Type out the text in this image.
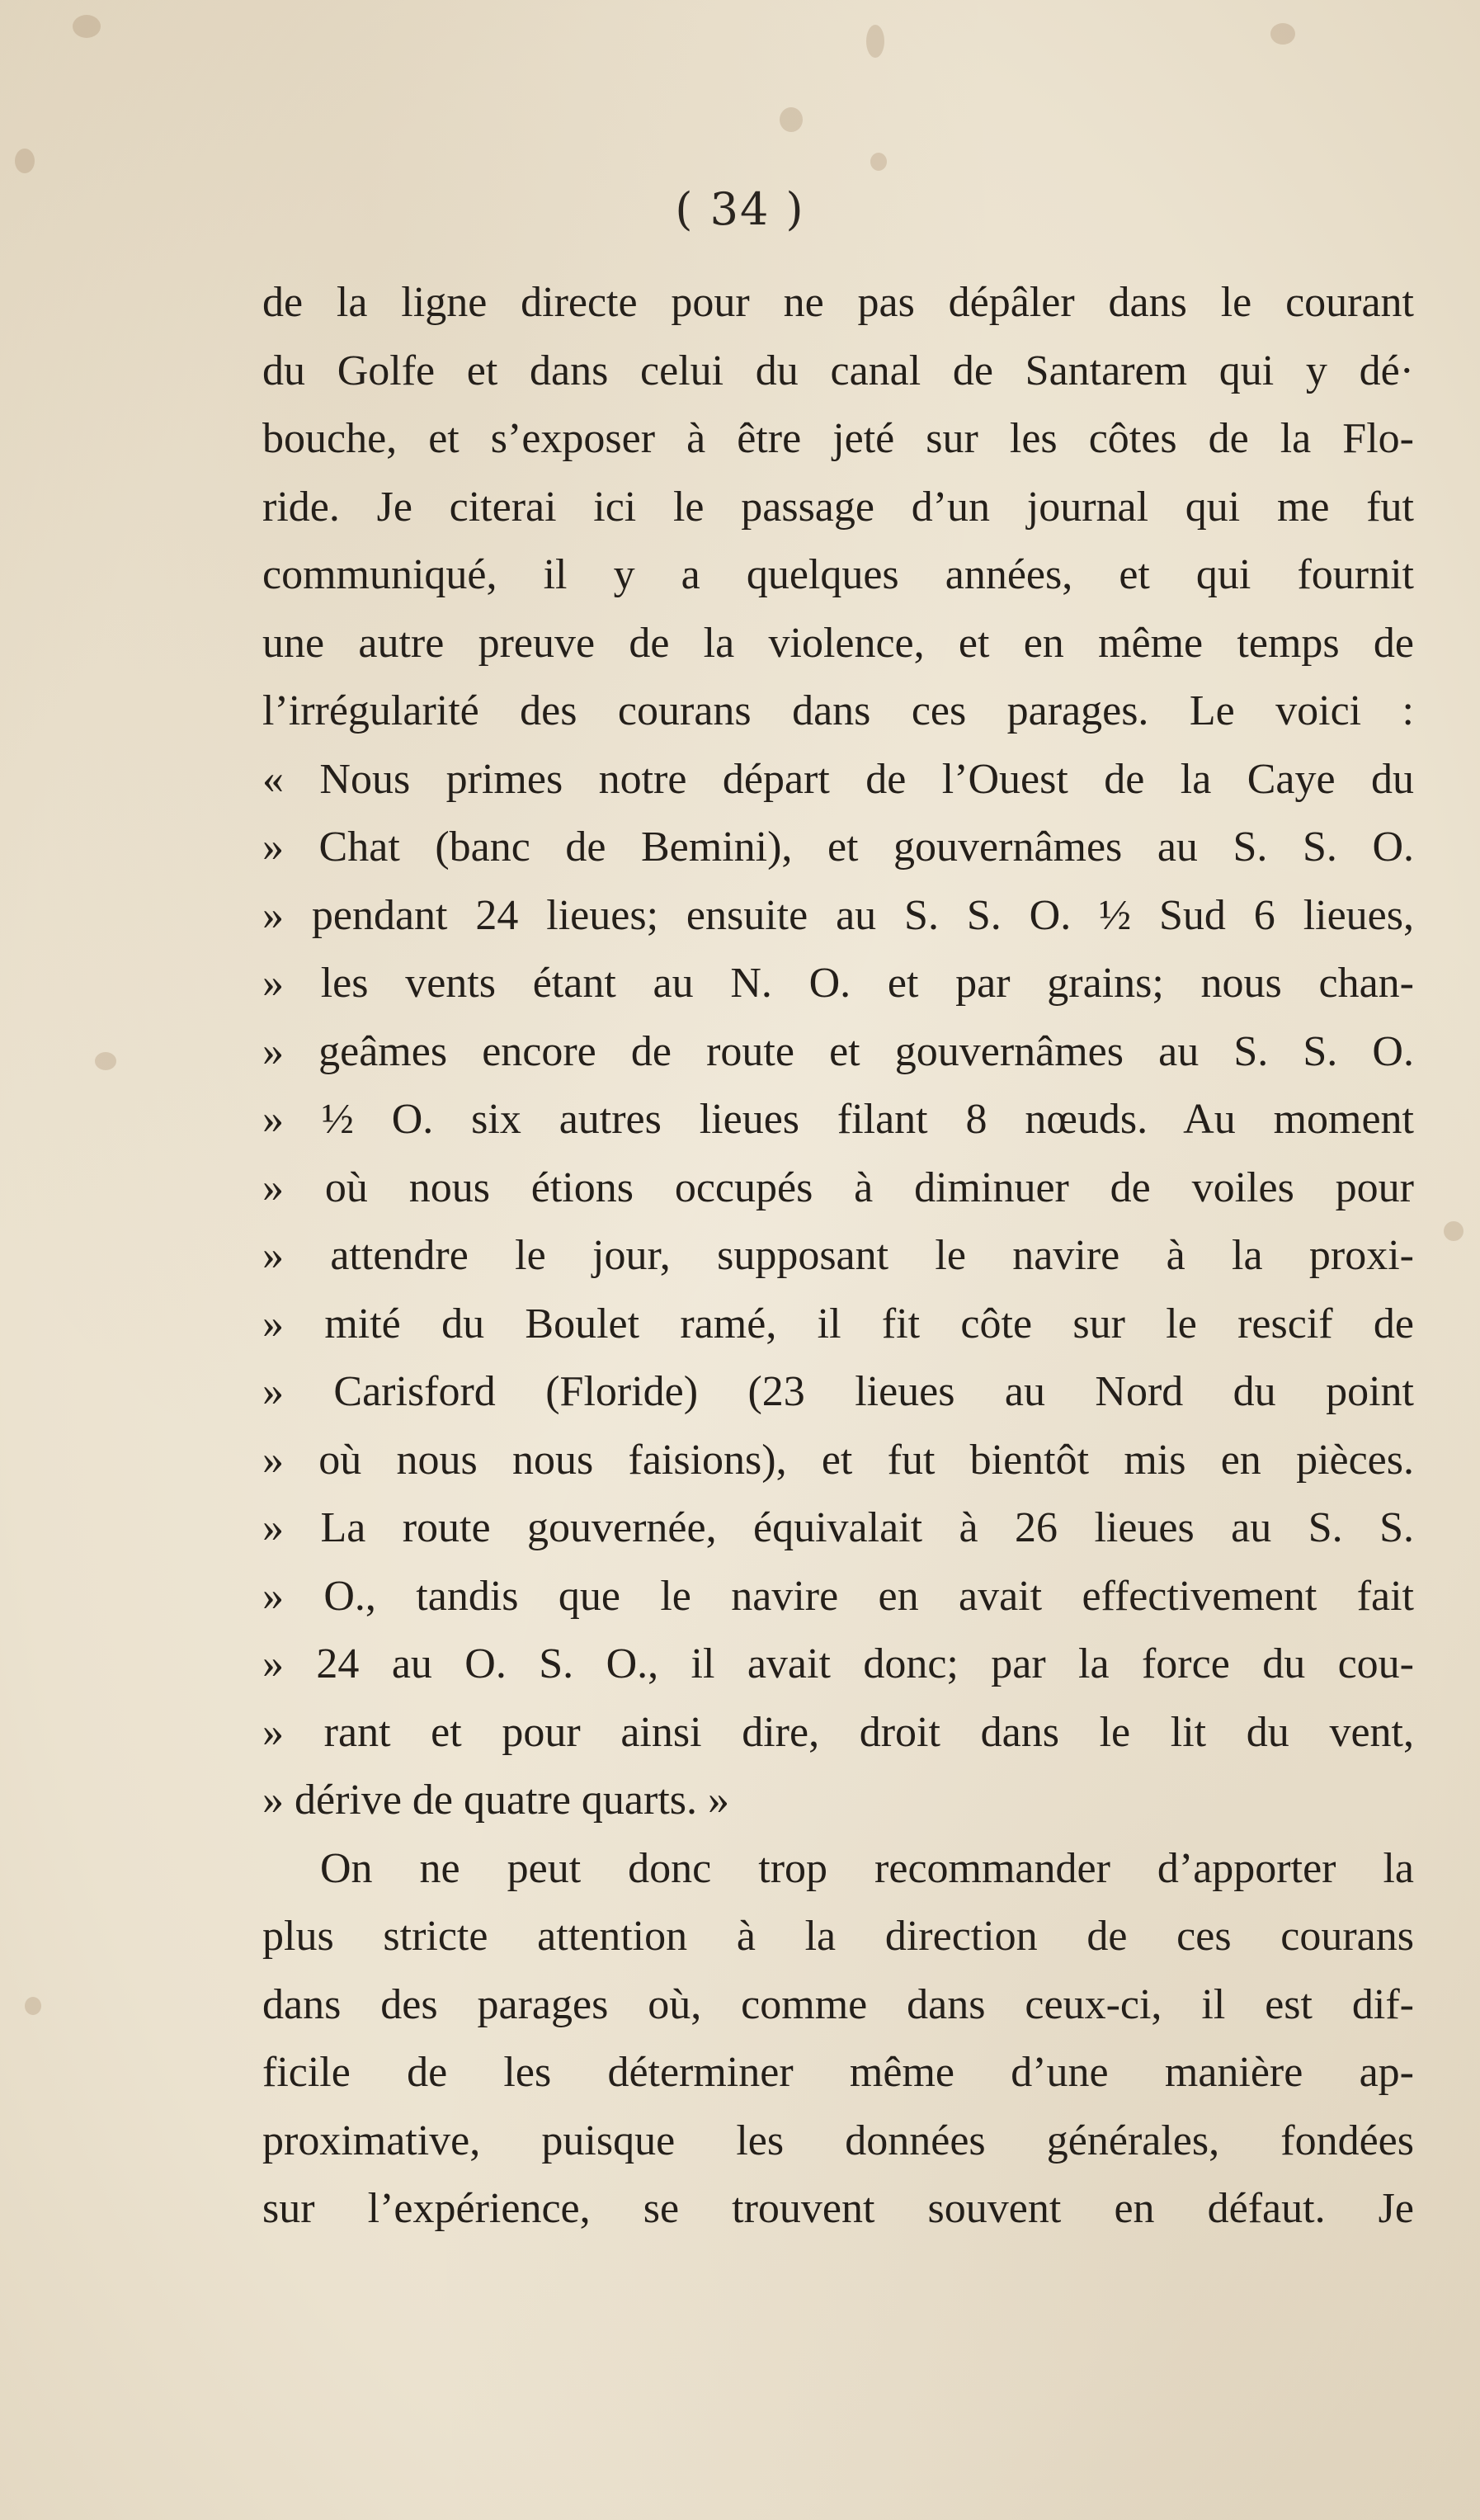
( 34 )
de la ligne directe pour ne pas dépâler dans le courant
du Golfe et dans celui du canal de Santarem qui y dé·
bouche, et s’exposer à être jeté sur les côtes de la Flo-
ride. Je citerai ici le passage d’un journal qui me fut
communiqué, il y a quelques années, et qui fournit
une autre preuve de la violence, et en même temps de
l’irrégularité des courans dans ces parages. Le voici :
« Nous primes notre départ de l’Ouest de la Caye du
» Chat (banc de Bemini), et gouvernâmes au S. S. O.
» pendant 24 lieues; ensuite au S. S. O. ½ Sud 6 lieues,
» les vents étant au N. O. et par grains; nous chan-
» geâmes encore de route et gouvernâmes au S. S. O.
» ½ O. six autres lieues filant 8 nœuds. Au moment
» où nous étions occupés à diminuer de voiles pour
» attendre le jour, supposant le navire à la proxi-
» mité du Boulet ramé, il fit côte sur le rescif de
» Carisford (Floride) (23 lieues au Nord du point
» où nous nous faisions), et fut bientôt mis en pièces.
» La route gouvernée, équivalait à 26 lieues au S. S.
» O., tandis que le navire en avait effectivement fait
» 24 au O. S. O., il avait donc; par la force du cou-
» rant et pour ainsi dire, droit dans le lit du vent,
» dérive de quatre quarts. »
On ne peut donc trop recommander d’apporter la
plus stricte attention à la direction de ces courans
dans des parages où, comme dans ceux-ci, il est dif-
ficile de les déterminer même d’une manière ap-
proximative, puisque les données générales, fondées
sur l’expérience, se trouvent souvent en défaut. Je
